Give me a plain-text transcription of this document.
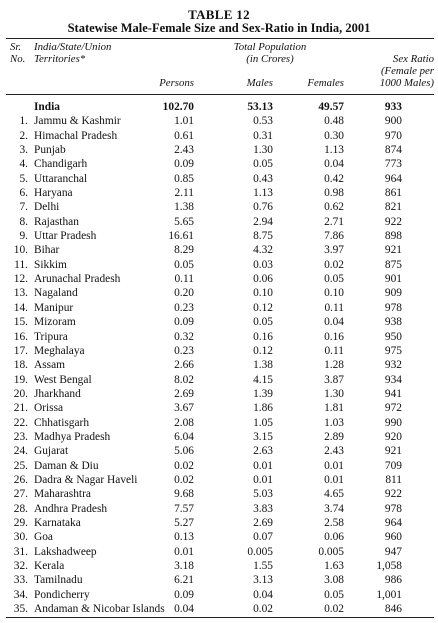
TABLE 12
Statewise Male-Female Size and Sex-Ratio in India, 2001
Sr.
No.
India/State/Union
Territories*
Total Population
(in Crores)
Persons	Males	Females
Sex Ratio
(Female per
1000 Males)
India	102.70	53.13	49.57	933
1. Jammu & Kashmir	1.01	0.53	0.48	900
2. Himachal Pradesh	0.61	0.31	0.30	970
3. Punjab	2.43	1.30	1.13	874
4. Chandigarh	0.09	0.05	0.04	773
5. Uttaranchal	0.85	0.43	0.42	964
6. Haryana	2.11	1.13	0.98	861
7. Delhi	1.38	0.76	0.62	821
8. Rajasthan	5.65	2.94	2.71	922
9. Uttar Pradesh	16.61	8.75	7.86	898
10. Bihar	8.29	4.32	3.97	921
11. Sikkim	0.05	0.03	0.02	875
12. Arunachal Pradesh	0.11	0.06	0.05	901
13. Nagaland	0.20	0.10	0.10	909
14. Manipur	0.23	0.12	0.11	978
15. Mizoram	0.09	0.05	0.04	938
16. Tripura	0.32	0.16	0.16	950
17. Meghalaya	0.23	0.12	0.11	975
18. Assam	2.66	1.38	1.28	932
19. West Bengal	8.02	4.15	3.87	934
20. Jharkhand	2.69	1.39	1.30	941
21. Orissa	3.67	1.86	1.81	972
22. Chhatisgarh	2.08	1.05	1.03	990
23. Madhya Pradesh	6.04	3.15	2.89	920
24. Gujarat	5.06	2.63	2.43	921
25. Daman & Diu	0.02	0.01	0.01	709
26. Dadra & Nagar Haveli	0.02	0.01	0.01	811
27. Maharashtra	9.68	5.03	4.65	922
28. Andhra Pradesh	7.57	3.83	3.74	978
29. Karnataka	5.27	2.69	2.58	964
30. Goa	0.13	0.07	0.06	960
31. Lakshadweep	0.01	0.005	0.005	947
32. Kerala	3.18	1.55	1.63	1,058
33. Tamilnadu	6.21	3.13	3.08	986
34. Pondicherry	0.09	0.04	0.05	1,001
35. Andaman & Nicobar Islands 0.04	0.02	0.02	846
